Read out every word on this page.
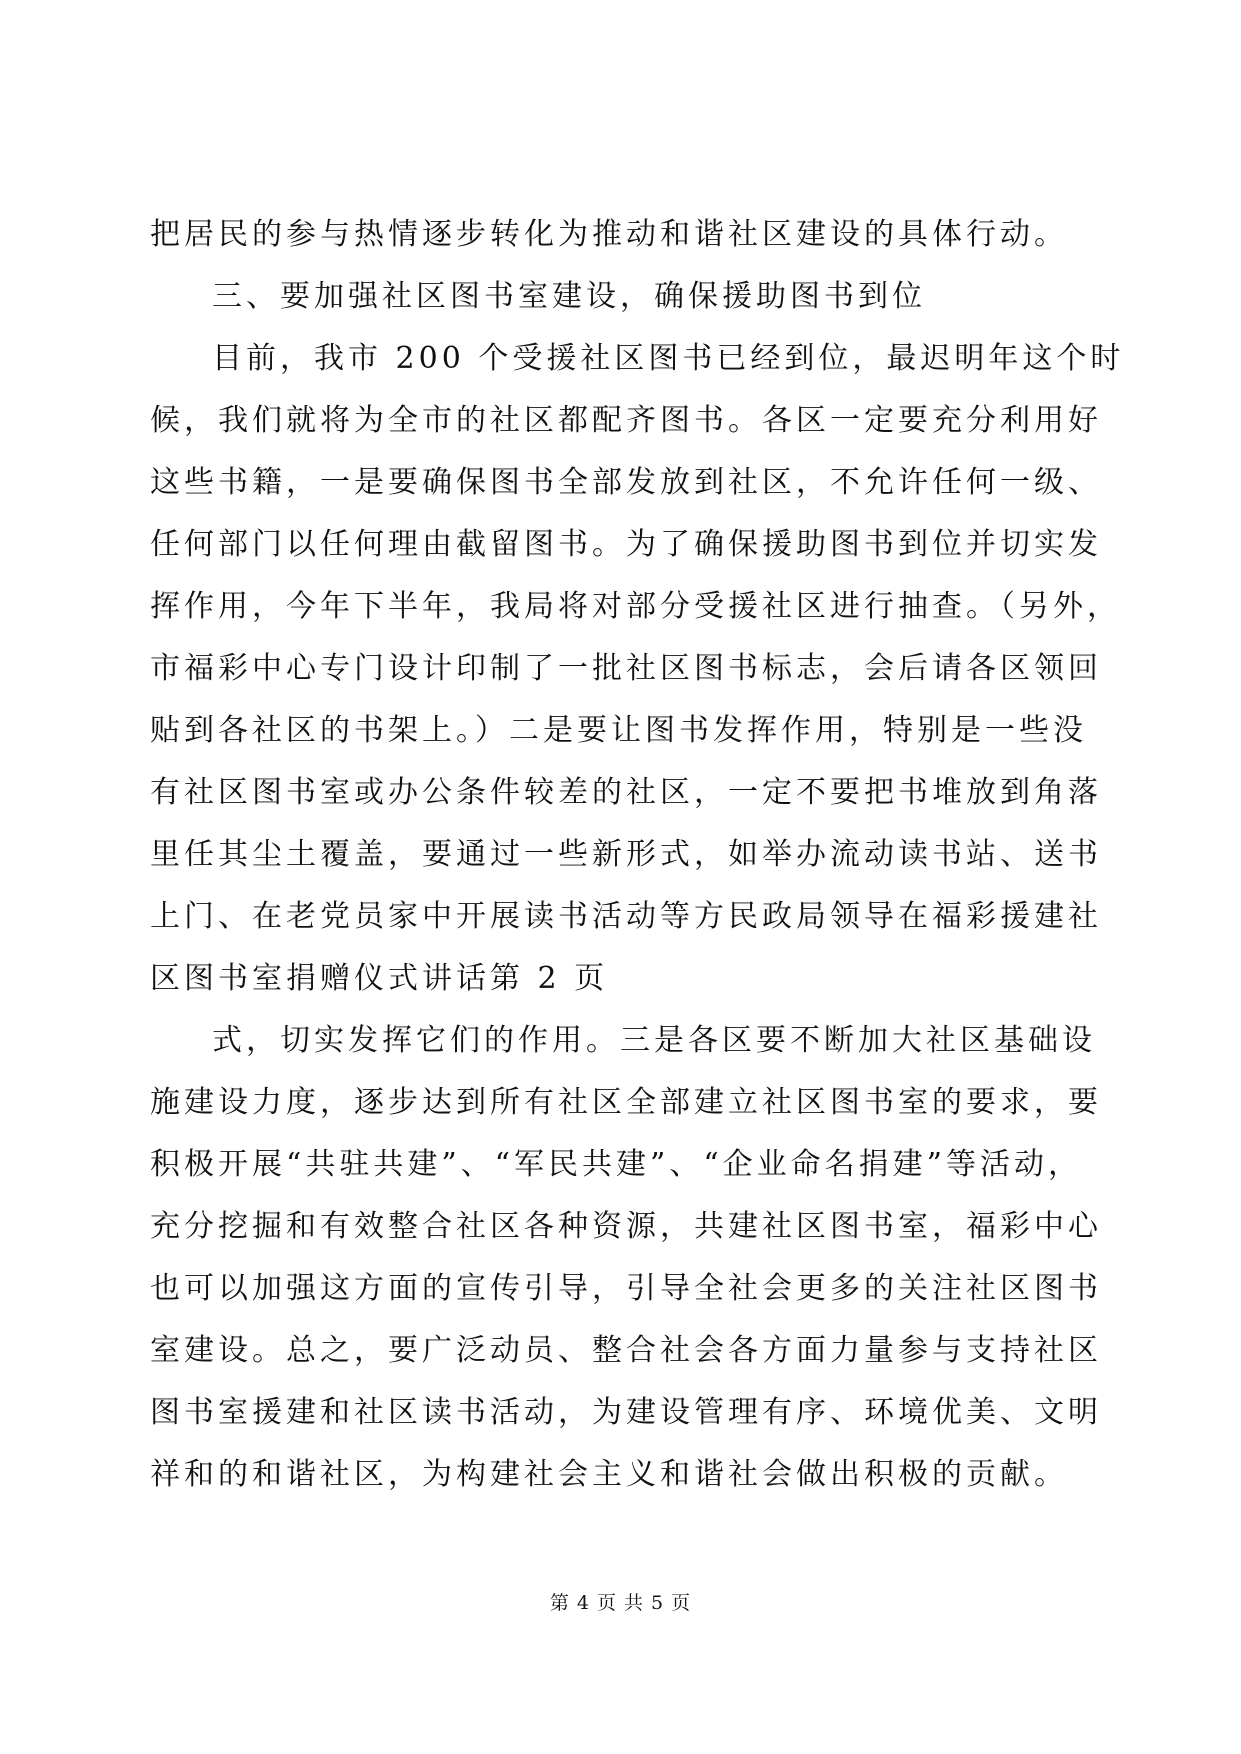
把居民的参与热情逐步转化为推动和谐社区建设的具体行动。
三、要加强社区图书室建设，确保援助图书到位
目前，我市 200 个受援社区图书已经到位，最迟明年这个时
候，我们就将为全市的社区都配齐图书。各区一定要充分利用好
这些书籍，一是要确保图书全部发放到社区，不允许任何一级、
任何部门以任何理由截留图书。为了确保援助图书到位并切实发
挥作用，今年下半年，我局将对部分受援社区进行抽查。（另外，
市福彩中心专门设计印制了一批社区图书标志，会后请各区领回
贴到各社区的书架上。）二是要让图书发挥作用，特别是一些没
有社区图书室或办公条件较差的社区，一定不要把书堆放到角落
里任其尘土覆盖，要通过一些新形式，如举办流动读书站、送书
上门、在老党员家中开展读书活动等方民政局领导在福彩援建社
区图书室捐赠仪式讲话第 2 页
式，切实发挥它们的作用。三是各区要不断加大社区基础设
施建设力度，逐步达到所有社区全部建立社区图书室的要求，要
积极开展“共驻共建”、“军民共建”、“企业命名捐建”等活动，
充分挖掘和有效整合社区各种资源，共建社区图书室，福彩中心
也可以加强这方面的宣传引导，引导全社会更多的关注社区图书
室建设。总之，要广泛动员、整合社会各方面力量参与支持社区
图书室援建和社区读书活动，为建设管理有序、环境优美、文明
祥和的和谐社区，为构建社会主义和谐社会做出积极的贡献。
第 4 页 共 5 页
